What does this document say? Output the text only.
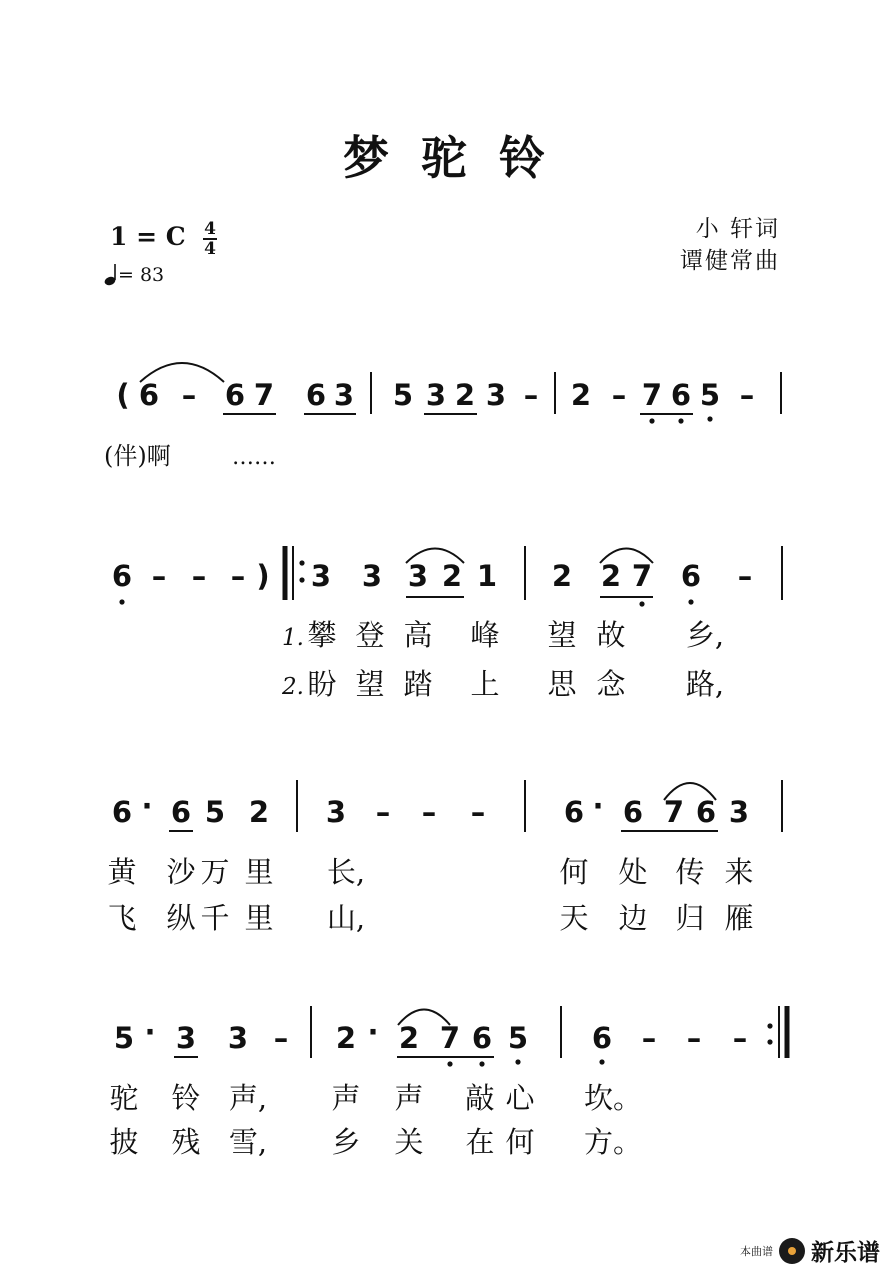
梦驼铃
小 轩词
谭健常曲
1 = C 4
4
= 83
( 6 – 6 7 6 3 5 3 2 3 – 2 – 7 6 5 –
(伴)啊	……
6 – – – ) 3 3 3 2 1 2 2 7 6 –
1. 攀 登 高 峰 望 故 乡,
2. 盼 望 踏 上 思 念 路,
6 · 6 5 2 3 – – –	6 · 6 7 6 3
黄 沙 万 里 长,	何 处 传 来
飞 纵 千 里 山,	天 边 归 雁
5 · 3 3 – 2 · 2 7 6 5 6 – – –
驼 铃 声, 声 声 敲 心 坎。
披 残 雪, 乡 关 在 何 方。
本曲谱 新乐谱
